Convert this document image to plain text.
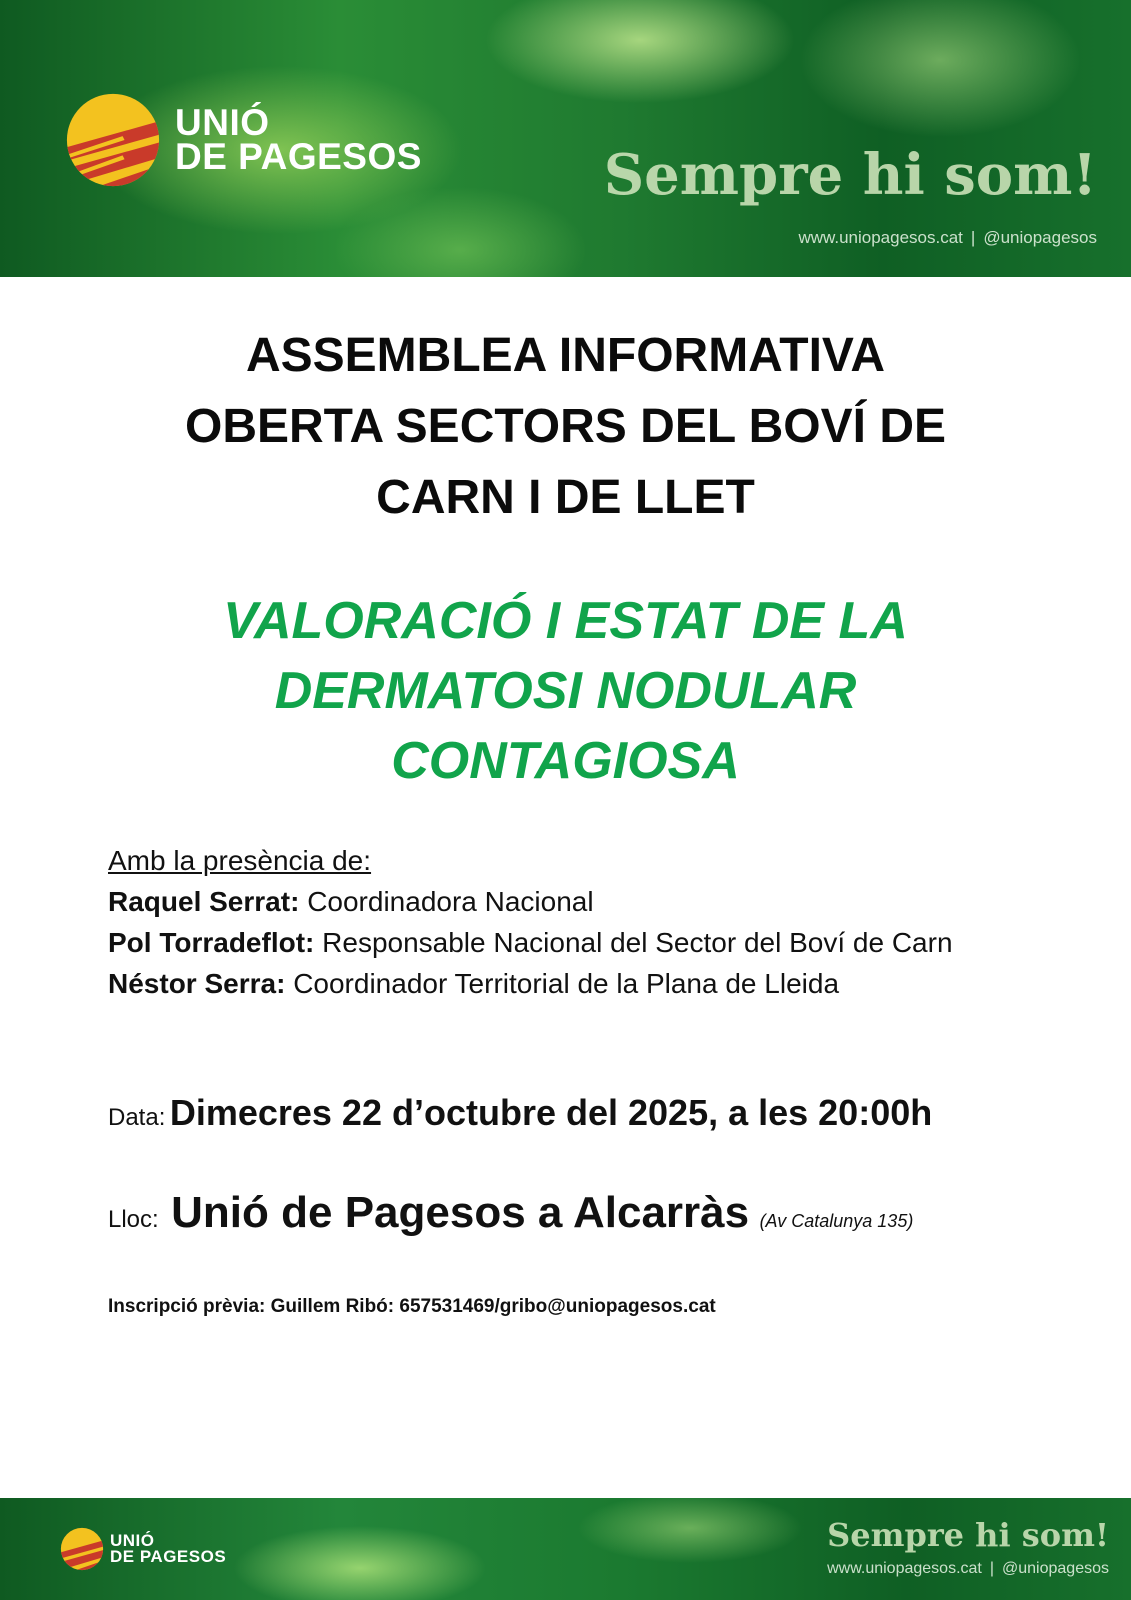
UNIÓ
DE PAGESOS	Sempre hi som!
www.uniopagesos.cat | @uniopagesos
ASSEMBLEA INFORMATIVA
OBERTA SECTORS DEL BOVÍ DE
CARN I DE LLET
VALORACIÓ I ESTAT DE LA
DERMATOSI NODULAR
CONTAGIOSA
Amb la presència de:
Raquel Serrat: Coordinadora Nacional
Pol Torradeflot: Responsable Nacional del Sector del Boví de Carn
Néstor Serra: Coordinador Territorial de la Plana de Lleida
Data: Dimecres 22 d’octubre del 2025, a les 20:00h
Lloc: Unió de Pagesos a Alcarràs (Av Catalunya 135)
Inscripció prèvia: Guillem Ribó: 657531469/gribo@uniopagesos.cat
UNIÓ
DE PAGESOS
Sempre hi som!
www.uniopagesos.cat | @uniopagesos
